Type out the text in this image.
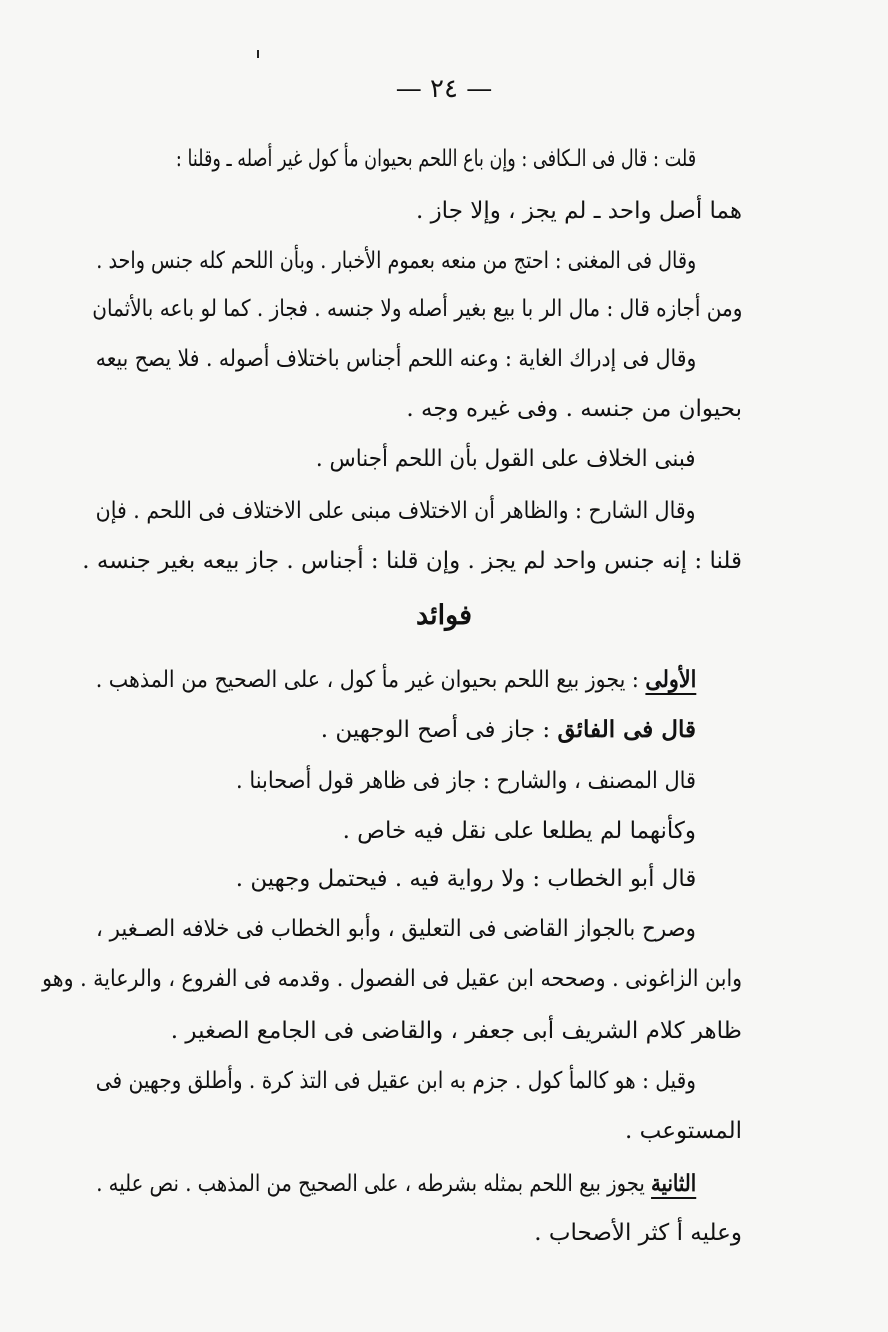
— ٢٤ —
قلت : قال فى الـكافى : وإن باع اللحم بحيوان مأ كول غير أصله ـ وقلنا :
هما أصل واحد ـ لم يجز ، وإلا جاز .
وقال فى المغنى : احتج من منعه بعموم الأخبار . وبأن اللحم كله جنس واحد .
ومن أجازه قال : مال الر با بيع بغير أصله ولا جنسه . فجاز . كما لو باعه بالأثمان
وقال فى إدراك الغاية : وعنه اللحم أجناس باختلاف أصوله . فلا يصح بيعه
بحيوان من جنسه . وفى غيره وجه .
فبنى الخلاف على القول بأن اللحم أجناس .
وقال الشارح : والظاهر أن الاختلاف مبنى على الاختلاف فى اللحم . فإن
قلنا : إنه جنس واحد لم يجز . وإن قلنا : أجناس . جاز بيعه بغير جنسه .
فوائد
الأولى : يجوز بيع اللحم بحيوان غير مأ كول ، على الصحيح من المذهب .
قال فى الفائق : جاز فى أصح الوجهين .
قال المصنف ، والشارح : جاز فى ظاهر قول أصحابنا .
وكأنهما لم يطلعا على نقل فيه خاص .
قال أبو الخطاب : ولا رواية فيه . فيحتمل وجهين .
وصرح بالجواز القاضى فى التعليق ، وأبو الخطاب فى خلافه الصـغير ،
وابن الزاغونى . وصححه ابن عقيل فى الفصول . وقدمه فى الفروع ، والرعاية . وهو
ظاهر كلام الشريف أبى جعفر ، والقاضى فى الجامع الصغير .
وقيل : هو كالمأ كول . جزم به ابن عقيل فى التذ كرة . وأطلق وجهين فى
المستوعب .
الثانية يجوز بيع اللحم بمثله بشرطه ، على الصحيح من المذهب . نص عليه .
وعليه أ كثر الأصحاب .
